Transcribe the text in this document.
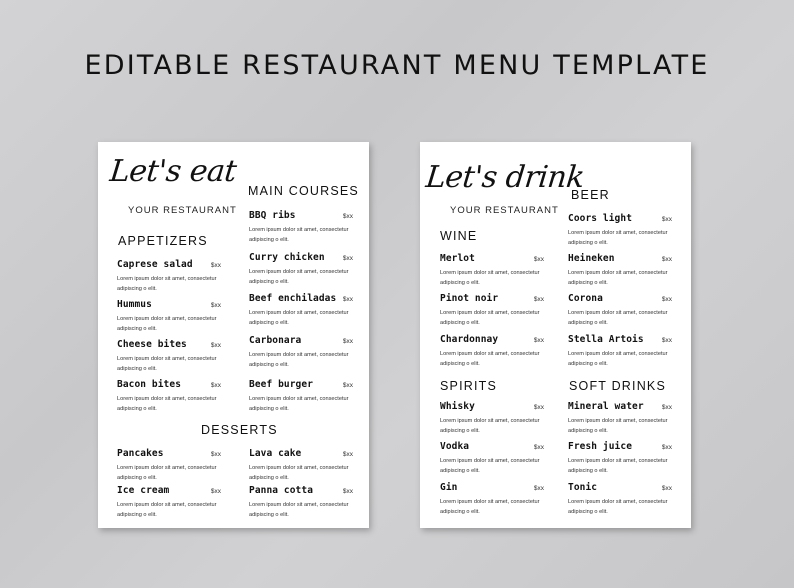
EDITABLE RESTAURANT MENU TEMPLATE
Let's eat
YOUR RESTAURANT
MAIN COURSES
APPETIZERS
Caprese salad	$xx
Lorem ipsum dolor sit amet, consectetur adipiscing o elit.
Hummus	$xx
Lorem ipsum dolor sit amet, consectetur adipiscing o elit.
Cheese bites	$xx
Lorem ipsum dolor sit amet, consectetur adipiscing o elit.
Bacon bites	$xx
Lorem ipsum dolor sit amet, consectetur adipiscing o elit.
BBQ ribs	$xx
Lorem ipsum dolor sit amet, consectetur adipiscing o elit.
Curry chicken	$xx
Lorem ipsum dolor sit amet, consectetur adipiscing o elit.
Beef enchiladas $xx
Lorem ipsum dolor sit amet, consectetur adipiscing o elit.
Carbonara	$xx
Lorem ipsum dolor sit amet, consectetur adipiscing o elit.
Beef burger	$xx
Lorem ipsum dolor sit amet, consectetur adipiscing o elit.
DESSERTS
Pancakes	$xx
Lorem ipsum dolor sit amet, consectetur adipiscing o elit.
Lava cake	$xx
Lorem ipsum dolor sit amet, consectetur adipiscing o elit.
Ice cream	$xx
Lorem ipsum dolor sit amet, consectetur adipiscing o elit.
Panna cotta	$xx
Lorem ipsum dolor sit amet, consectetur adipiscing o elit.
Let's drink
YOUR RESTAURANT
BEER
WINE
Merlot	$xx
Lorem ipsum dolor sit amet, consectetur adipiscing o elit.
Pinot noir	$xx
Lorem ipsum dolor sit amet, consectetur adipiscing o elit.
Chardonnay	$xx
Lorem ipsum dolor sit amet, consectetur adipiscing o elit.
Coors light	$xx
Lorem ipsum dolor sit amet, consectetur adipiscing o elit.
Heineken	$xx
Lorem ipsum dolor sit amet, consectetur adipiscing o elit.
Corona	$xx
Lorem ipsum dolor sit amet, consectetur adipiscing o elit.
Stella Artois	$xx
Lorem ipsum dolor sit amet, consectetur adipiscing o elit.
SPIRITS	SOFT DRINKS
Whisky	$xx
Lorem ipsum dolor sit amet, consectetur adipiscing o elit.
Vodka	$xx
Lorem ipsum dolor sit amet, consectetur adipiscing o elit.
Gin	$xx
Lorem ipsum dolor sit amet, consectetur adipiscing o elit.
Mineral water	$xx
Lorem ipsum dolor sit amet, consectetur adipiscing o elit.
Fresh juice	$xx
Lorem ipsum dolor sit amet, consectetur adipiscing o elit.
Tonic	$xx
Lorem ipsum dolor sit amet, consectetur adipiscing o elit.
